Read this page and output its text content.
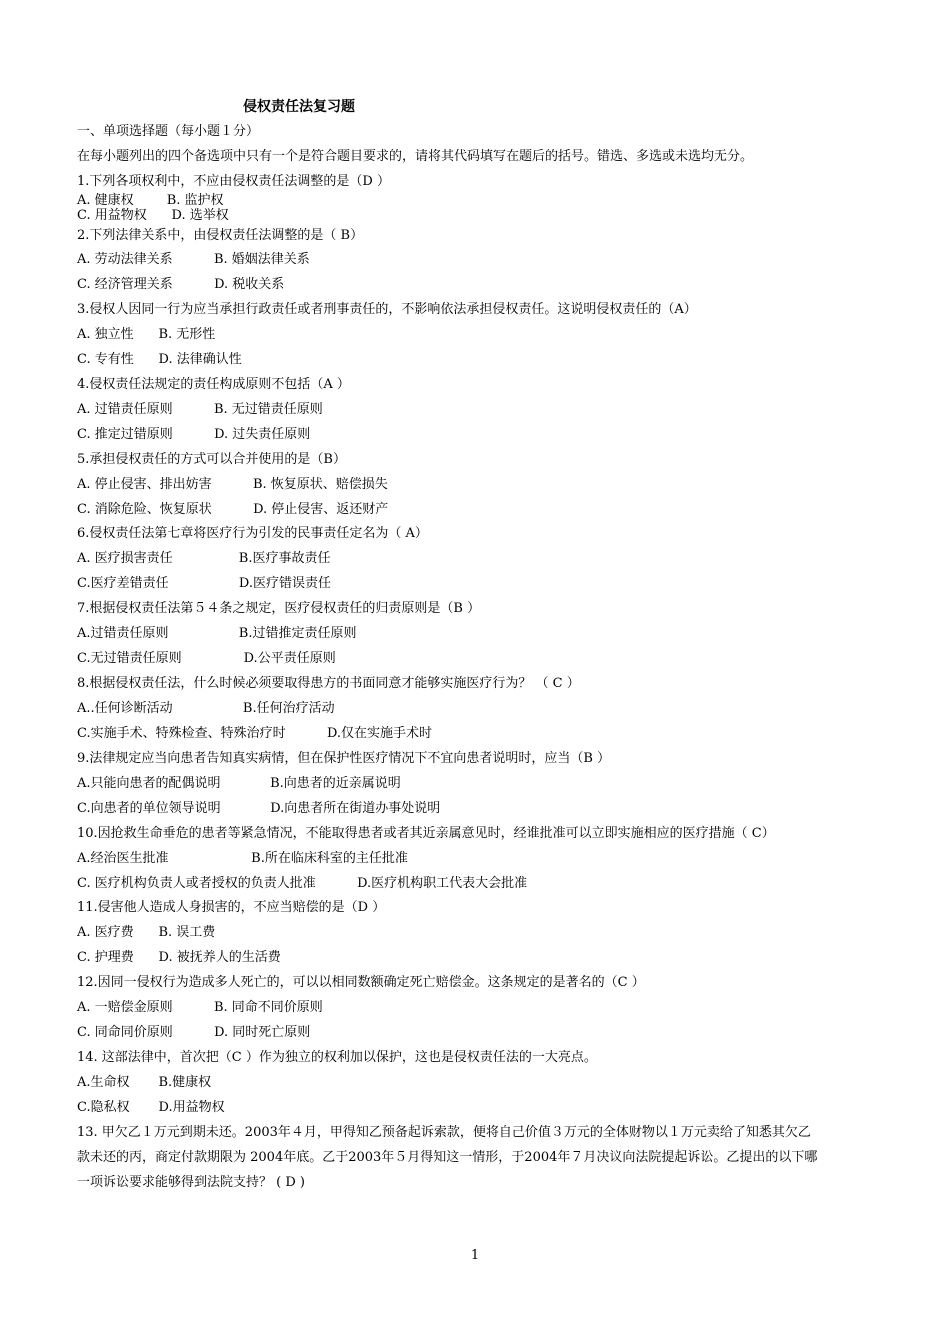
侵权责任法复习题
一、单项选择题（每小题１分）
在每小题列出的四个备选项中只有一个是符合题目要求的，请将其代码填写在题后的括号。错选、多选或未选均无分。
1.下列各项权利中，不应由侵权责任法调整的是（D ）
A. 健康权        B. 监护权
C. 用益物权      D. 选举权
2.下列法律关系中，由侵权责任法调整的是（ B）
A. 劳动法律关系          B. 婚姻法律关系
C. 经济管理关系          D. 税收关系
3.侵权人因同一行为应当承担行政责任或者刑事责任的，不影响依法承担侵权责任。这说明侵权责任的（A）
A. 独立性      B. 无形性
C. 专有性      D. 法律确认性
4.侵权责任法规定的责任构成原则不包括（A ）
A. 过错责任原则          B. 无过错责任原则
C. 推定过错原则          D. 过失责任原则
5.承担侵权责任的方式可以合并使用的是（B）
A. 停止侵害、排出妨害          B. 恢复原状、赔偿损失
C. 消除危险、恢复原状          D. 停止侵害、返还财产
6.侵权责任法第七章将医疗行为引发的民事责任定名为（ A）
A. 医疗损害责任                B.医疗事故责任
C.医疗差错责任                 D.医疗错误责任
7.根据侵权责任法第５４条之规定，医疗侵权责任的归责原则是（B ）
A.过错责任原则                 B.过错推定责任原则
C.无过错责任原则               D.公平责任原则
8.根据侵权责任法，什么时候必须要取得患方的书面同意才能够实施医疗行为？ （ C ）
A..任何诊断活动                 B.任何治疗活动
C.实施手术、特殊检查、特殊治疗时          D.仅在实施手术时
9.法律规定应当向患者告知真实病情，但在保护性医疗情况下不宜向患者说明时，应当（B ）
A.只能向患者的配偶说明            B.向患者的近亲属说明
C.向患者的单位领导说明            D.向患者所在街道办事处说明
10.因抢救生命垂危的患者等紧急情况，不能取得患者或者其近亲属意见时，经谁批准可以立即实施相应的医疗措施（ C）
A.经治医生批准                    B.所在临床科室的主任批准
C. 医疗机构负责人或者授权的负责人批准          D.医疗机构职工代表大会批准
11.侵害他人造成人身损害的，不应当赔偿的是（D ）
A. 医疗费      B. 误工费
C. 护理费      D. 被抚养人的生活费
12.因同一侵权行为造成多人死亡的，可以以相同数额确定死亡赔偿金。这条规定的是著名的（C ）
A. 一赔偿金原则          B. 同命不同价原则
C. 同命同价原则          D. 同时死亡原则
14. 这部法律中，首次把（C ）作为独立的权利加以保护，这也是侵权责任法的一大亮点。
A.生命权       B.健康权
C.隐私权       D.用益物权
13. 甲欠乙１万元到期未还。2003年４月，甲得知乙预备起诉索款，便将自己价值３万元的全体财物以１万元卖给了知悉其欠乙
款未还的丙，商定付款期限为 2004年底。乙于2003年５月得知这一情形，于2004年７月决议向法院提起诉讼。乙提出的以下哪
一项诉讼要求能够得到法院支持？ ( D )
1
